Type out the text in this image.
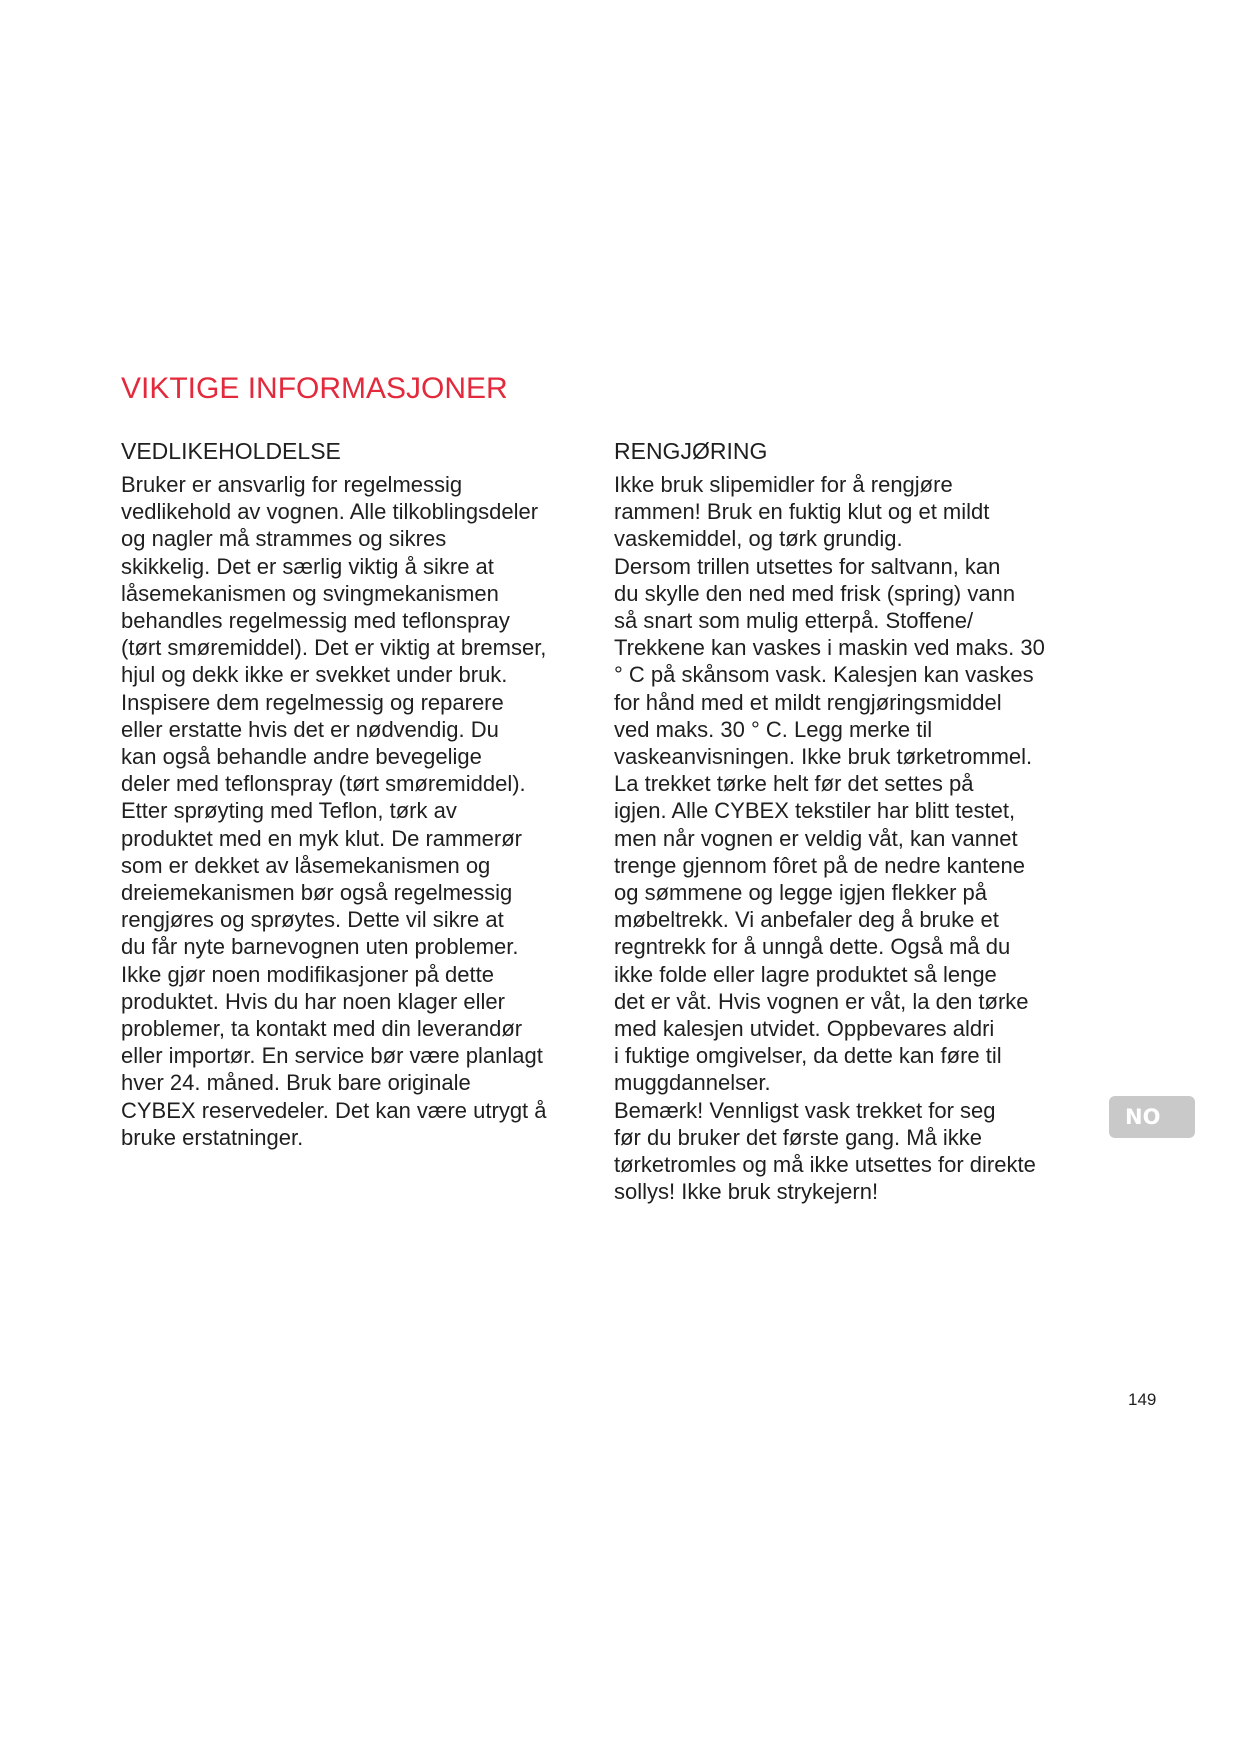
VIKTIGE INFORMASJONER
VEDLIKEHOLDELSE
Bruker er ansvarlig for regelmessig
vedlikehold av vognen. Alle tilkoblingsdeler
og nagler må strammes og sikres
skikkelig. Det er særlig viktig å sikre at
låsemekanismen og svingmekanismen
behandles regelmessig med teflonspray
(tørt smøremiddel). Det er viktig at bremser,
hjul og dekk ikke er svekket under bruk.
Inspisere dem regelmessig og reparere
eller erstatte hvis det er nødvendig. Du
kan også behandle andre bevegelige
deler med teflonspray (tørt smøremiddel).
Etter sprøyting med Teflon, tørk av
produktet med en myk klut. De rammerør
som er dekket av låsemekanismen og
dreiemekanismen bør også regelmessig
rengjøres og sprøytes. Dette vil sikre at
du får nyte barnevognen uten problemer.
Ikke gjør noen modifikasjoner på dette
produktet. Hvis du har noen klager eller
problemer, ta kontakt med din leverandør
eller importør. En service bør være planlagt
hver 24. måned. Bruk bare originale
CYBEX reservedeler. Det kan være utrygt å
bruke erstatninger.
RENGJØRING
Ikke bruk slipemidler for å rengjøre
rammen! Bruk en fuktig klut og et mildt
vaskemiddel, og tørk grundig.
Dersom trillen utsettes for saltvann, kan
du skylle den ned med frisk (spring) vann
så snart som mulig etterpå. Stoffene/
Trekkene kan vaskes i maskin ved maks. 30
° C på skånsom vask. Kalesjen kan vaskes
for hånd med et mildt rengjøringsmiddel
ved maks. 30 ° C. Legg merke til
vaskeanvisningen. Ikke bruk tørketrommel.
La trekket tørke helt før det settes på
igjen. Alle CYBEX tekstiler har blitt testet,
men når vognen er veldig våt, kan vannet
trenge gjennom fôret på de nedre kantene
og sømmene og legge igjen flekker på
møbeltrekk. Vi anbefaler deg å bruke et
regntrekk for å unngå dette. Også må du
ikke folde eller lagre produktet så lenge
det er våt. Hvis vognen er våt, la den tørke
med kalesjen utvidet. Oppbevares aldri
i fuktige omgivelser, da dette kan føre til
muggdannelser.
Bemærk! Vennligst vask trekket for seg
før du bruker det første gang. Må ikke
tørketromles og må ikke utsettes for direkte
sollys! Ikke bruk strykejern!
NO
149
